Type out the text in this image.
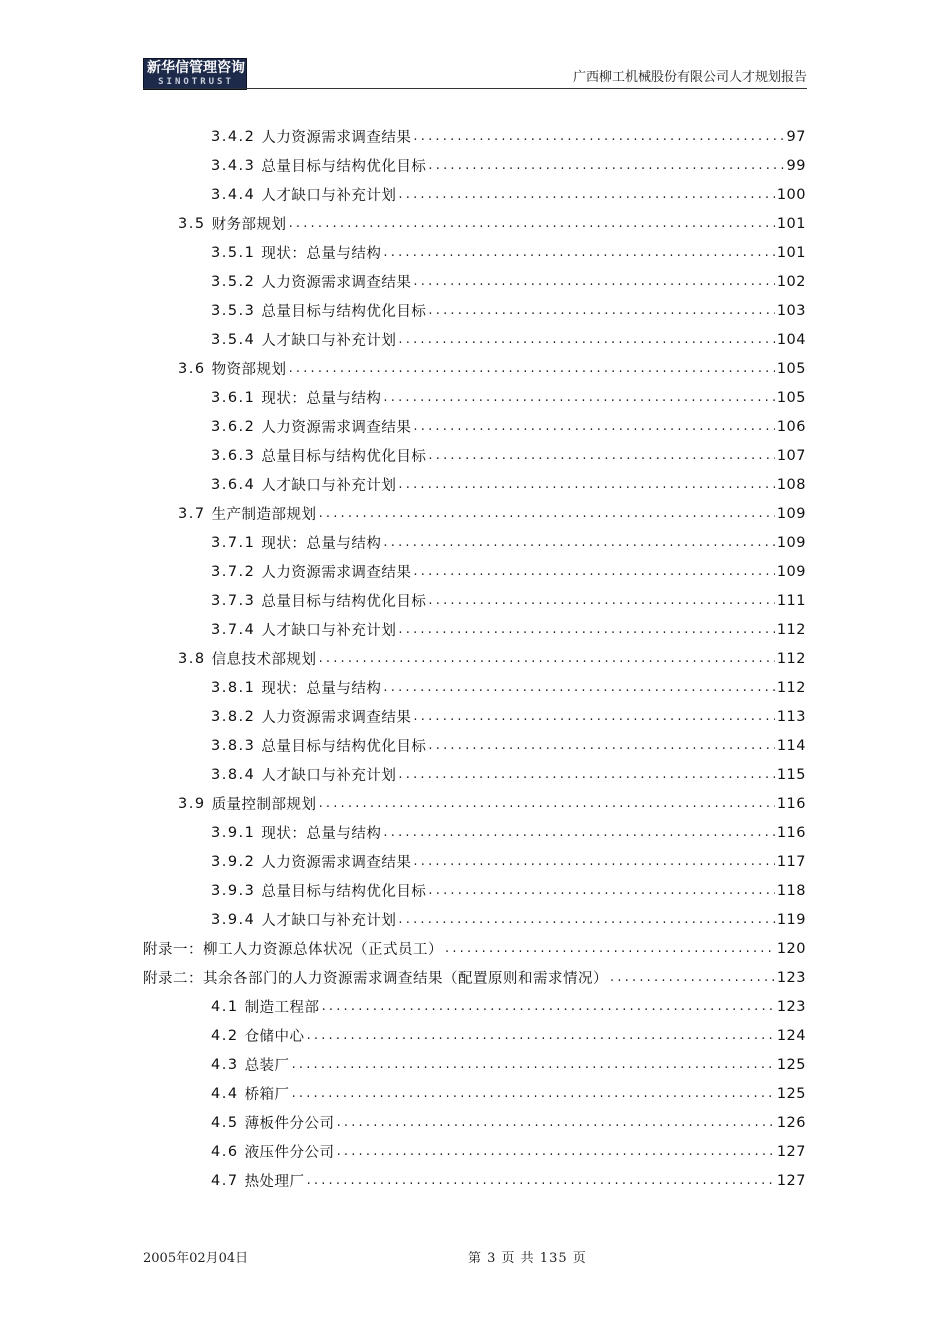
新华信管理咨询
SINOTRUST	广西柳工机械股份有限公司人才规划报告
3.4.2 人力资源需求调查结果 .....	97
3.4.3 总量目标与结构优化目标 .....	99
3.4.4 人才缺口与补充计划 .....	100
3.5 财务部规划 .....	101
3.5.1 现状：总量与结构 .....	101
3.5.2 人力资源需求调查结果 .....	102
3.5.3 总量目标与结构优化目标 .....	103
3.5.4 人才缺口与补充计划 .....	104
3.6 物资部规划 .....	105
3.6.1 现状：总量与结构 .....	105
3.6.2 人力资源需求调查结果 .....	106
3.6.3 总量目标与结构优化目标 .....	107
3.6.4 人才缺口与补充计划 .....	108
3.7 生产制造部规划 .....	109
3.7.1 现状：总量与结构 .....	109
3.7.2 人力资源需求调查结果 .....	109
3.7.3 总量目标与结构优化目标 .....	111
3.7.4 人才缺口与补充计划 .....	112
3.8 信息技术部规划 .....	112
3.8.1 现状：总量与结构 .....	112
3.8.2 人力资源需求调查结果 .....	113
3.8.3 总量目标与结构优化目标 .....	114
3.8.4 人才缺口与补充计划 .....	115
3.9 质量控制部规划 .....	116
3.9.1 现状：总量与结构 .....	116
3.9.2 人力资源需求调查结果 .....	117
3.9.3 总量目标与结构优化目标 .....	118
3.9.4 人才缺口与补充计划 .....	119
附录一：柳工人力资源总体状况（正式员工） .....	120
附录二：其余各部门的人力资源需求调查结果（配置原则和需求情况） .....	123
4.1 制造工程部 .....	123
4.2 仓储中心 .....	124
4.3 总装厂 .....	125
4.4 桥箱厂 .....	125
4.5 薄板件分公司 .....	126
4.6 液压件分公司 .....	127
4.7 热处理厂 .....	127
2005年02月04日	第 3 页 共 135 页
